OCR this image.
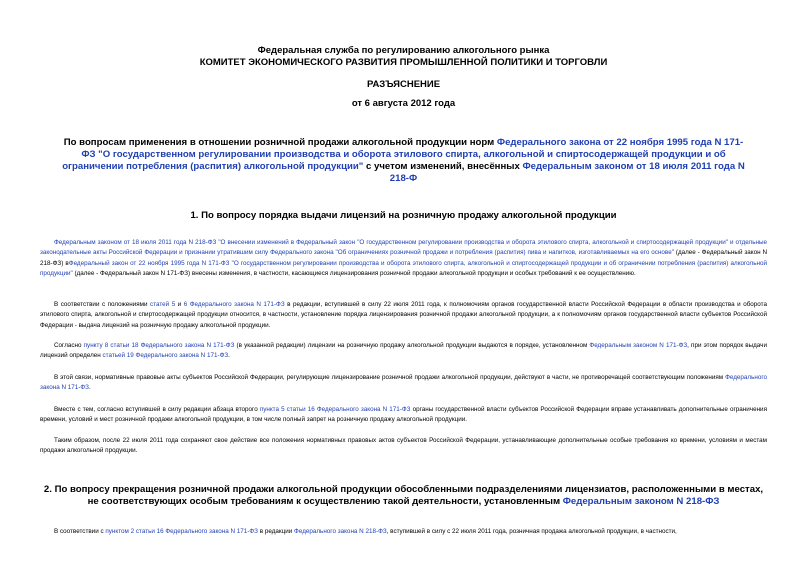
Федеральная служба по регулированию алкогольного рынка
КОМИТЕТ ЭКОНОМИЧЕСКОГО РАЗВИТИЯ ПРОМЫШЛЕННОЙ ПОЛИТИКИ И ТОРГОВЛИ
РАЗЪЯСНЕНИЕ
от 6 августа 2012 года
По вопросам применения в отношении розничной продажи алкогольной продукции норм Федерального закона от 22 ноября 1995 года N 171-ФЗ "О государственном регулировании производства и оборота этилового спирта, алкогольной и спиртосодержащей продукции и об ограничении потребления (распития) алкогольной продукции" с учетом изменений, внесённых Федеральным законом от 18 июля 2011 года N 218-Ф
1. По вопросу порядка выдачи лицензий на розничную продажу алкогольной продукции
Федеральным законом от 18 июля 2011 года N 218-ФЗ "О внесении изменений в Федеральный закон "О государственном регулировании производства и оборота этилового спирта, алкогольной и спиртосодержащей продукции" и отдельные законодательные акты Российской Федерации и признании утратившим силу Федерального закона "Об ограничениях розничной продажи и потребления (распития) пива и напитков, изготавливаемых на его основе" (далее - Федеральный закон N 218-ФЗ) вФедеральный закон от 22 ноября 1995 года N 171-ФЗ "О государственном регулировании производства и оборота этилового спирта, алкогольной и спиртосодержащей продукции и об ограничении потребления (распития) алкогольной продукции" (далее - Федеральный закон N 171-ФЗ) внесены изменения, в частности, касающиеся лицензирования розничной продажи алкогольной продукции и особых требований к ее осуществлению.
В соответствии с положениями статей 5 и 6 Федерального закона N 171-ФЗ в редакции, вступившей в силу 22 июля 2011 года, к полномочиям органов государственной власти Российской Федерации в области производства и оборота этилового спирта, алкогольной и спиртосодержащей продукции относится, в частности, установление порядка лицензирования розничной продажи алкогольной продукции, а к полномочиям органов государственной власти субъектов Российской Федерации - выдача лицензий на розничную продажу алкогольной продукции.
Согласно пункту 8 статьи 18 Федерального закона N 171-ФЗ (в указанной редакции) лицензии на розничную продажу алкогольной продукции выдаются в порядке, установленном Федеральным законом N 171-ФЗ, при этом порядок выдачи лицензий определен статьей 19 Федерального закона N 171-ФЗ.
В этой связи, нормативные правовые акты субъектов Российской Федерации, регулирующие лицензирование розничной продажи алкогольной продукции, действуют в части, не противоречащей соответствующим положениям Федерального закона N 171-ФЗ.
Вместе с тем, согласно вступившей в силу редакции абзаца второго пункта 5 статьи 16 Федерального закона N 171-ФЗ органы государственной власти субъектов Российской Федерации вправе устанавливать дополнительные ограничения времени, условий и мест розничной продажи алкогольной продукции, в том числе полный запрет на розничную продажу алкогольной продукции.
Таким образом, после 22 июля 2011 года сохраняют свое действие все положения нормативных правовых актов субъектов Российской Федерации, устанавливающие дополнительные особые требования ко времени, условиям и местам продажи алкогольной продукции.
2. По вопросу прекращения розничной продажи алкогольной продукции обособленными подразделениями лицензиатов, расположенными в местах, не соответствующих особым требованиям к осуществлению такой деятельности, установленным Федеральным законом N 218-ФЗ
В соответствии с пунктом 2 статьи 16 Федерального закона N 171-ФЗ в редакции Федерального закона N 218-ФЗ, вступившей в силу с 22 июля 2011 года, розничная продажа алкогольной продукции, в частности,
